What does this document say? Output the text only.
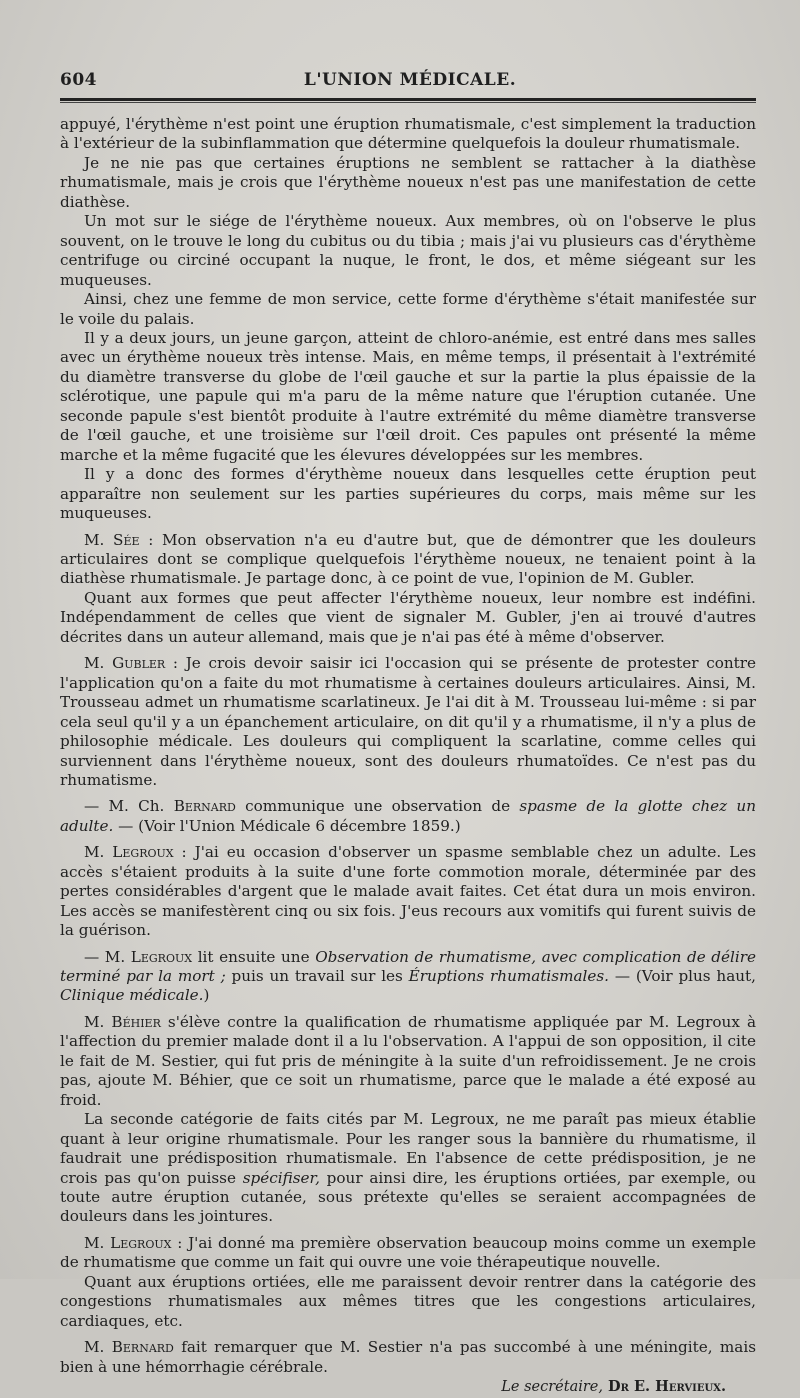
604	L'UNION MÉDICALE.

appuyé, l'érythème n'est point une éruption rhumatismale, c'est simplement la traduction à l'extérieur de la subinflammation que détermine quelquefois la douleur rhumatismale.

Je ne nie pas que certaines éruptions ne semblent se rattacher à la diathèse rhumatismale, mais je crois que l'érythème noueux n'est pas une manifestation de cette diathèse.

Un mot sur le siége de l'érythème noueux. Aux membres, où on l'observe le plus souvent, on le trouve le long du cubitus ou du tibia ; mais j'ai vu plusieurs cas d'érythème centrifuge ou circiné occupant la nuque, le front, le dos, et même siégeant sur les muqueuses.

Ainsi, chez une femme de mon service, cette forme d'érythème s'était manifestée sur le voile du palais.

Il y a deux jours, un jeune garçon, atteint de chloro-anémie, est entré dans mes salles avec un érythème noueux très intense. Mais, en même temps, il présentait à l'extrémité du diamètre transverse du globe de l'œil gauche et sur la partie la plus épaissie de la sclérotique, une papule qui m'a paru de la même nature que l'éruption cutanée. Une seconde papule s'est bientôt produite à l'autre extrémité du même diamètre transverse de l'œil gauche, et une troisième sur l'œil droit. Ces papules ont présenté la même marche et la même fugacité que les élevures développées sur les membres.

Il y a donc des formes d'érythème noueux dans lesquelles cette éruption peut apparaître non seulement sur les parties supérieures du corps, mais même sur les muqueuses.

M. Sée : Mon observation n'a eu d'autre but, que de démontrer que les douleurs articulaires dont se complique quelquefois l'érythème noueux, ne tenaient point à la diathèse rhumatismale. Je partage donc, à ce point de vue, l'opinion de M. Gubler.

Quant aux formes que peut affecter l'érythème noueux, leur nombre est indéfini. Indépendamment de celles que vient de signaler M. Gubler, j'en ai trouvé d'autres décrites dans un auteur allemand, mais que je n'ai pas été à même d'observer.

M. Gubler : Je crois devoir saisir ici l'occasion qui se présente de protester contre l'application qu'on a faite du mot rhumatisme à certaines douleurs articulaires. Ainsi, M. Trousseau admet un rhumatisme scarlatineux. Je l'ai dit à M. Trousseau lui-même : si par cela seul qu'il y a un épanchement articulaire, on dit qu'il y a rhumatisme, il n'y a plus de philosophie médicale. Les douleurs qui compliquent la scarlatine, comme celles qui surviennent dans l'érythème noueux, sont des douleurs rhumatoïdes. Ce n'est pas du rhumatisme.

— M. Ch. Bernard communique une observation de spasme de la glotte chez un adulte. — (Voir l'Union Médicale 6 décembre 1859.)

M. Legroux : J'ai eu occasion d'observer un spasme semblable chez un adulte. Les accès s'étaient produits à la suite d'une forte commotion morale, déterminée par des pertes considérables d'argent que le malade avait faites. Cet état dura un mois environ. Les accès se manifestèrent cinq ou six fois. J'eus recours aux vomitifs qui furent suivis de la guérison.

— M. Legroux lit ensuite une Observation de rhumatisme, avec complication de délire terminé par la mort ; puis un travail sur les Éruptions rhumatismales. — (Voir plus haut, Clinique médicale.)

M. Béhier s'élève contre la qualification de rhumatisme appliquée par M. Legroux à l'affection du premier malade dont il a lu l'observation. A l'appui de son opposition, il cite le fait de M. Sestier, qui fut pris de méningite à la suite d'un refroidissement. Je ne crois pas, ajoute M. Béhier, que ce soit un rhumatisme, parce que le malade a été exposé au froid.

La seconde catégorie de faits cités par M. Legroux, ne me paraît pas mieux établie quant à leur origine rhumatismale. Pour les ranger sous la bannière du rhumatisme, il faudrait une prédisposition rhumatismale. En l'absence de cette prédisposition, je ne crois pas qu'on puisse spécifiser, pour ainsi dire, les éruptions ortiées, par exemple, ou toute autre éruption cutanée, sous prétexte qu'elles se seraient accompagnées de douleurs dans les jointures.

M. Legroux : J'ai donné ma première observation beaucoup moins comme un exemple de rhumatisme que comme un fait qui ouvre une voie thérapeutique nouvelle.

Quant aux éruptions ortiées, elle me paraissent devoir rentrer dans la catégorie des congestions rhumatismales aux mêmes titres que les congestions articulaires, cardiaques, etc.

M. Bernard fait remarquer que M. Sestier n'a pas succombé à une méningite, mais bien à une hémorrhagie cérébrale.

Le secrétaire, Dr E. Hervieux.
